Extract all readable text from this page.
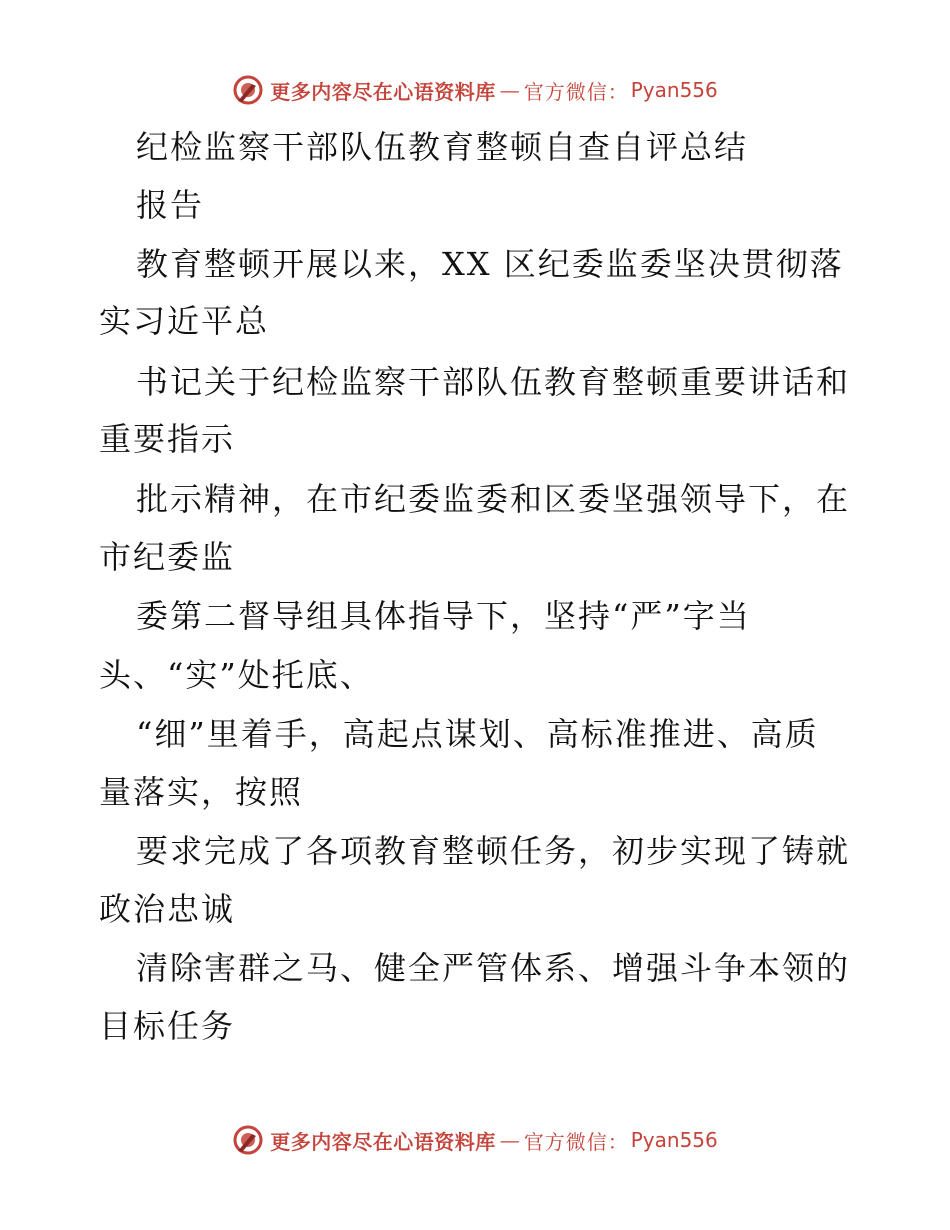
更多内容尽在心语资料库 — 官方微信： Pyan556
纪检监察干部队伍教育整顿自查自评总结
报告
教育整顿开展以来，XX 区纪委监委坚决贯彻落
实习近平总
书记关于纪检监察干部队伍教育整顿重要讲话和
重要指示
批示精神，在市纪委监委和区委坚强领导下，在
市纪委监
委第二督导组具体指导下，坚持“严”字当
头、“实”处托底、
“细”里着手，高起点谋划、高标准推进、高质
量落实，按照
要求完成了各项教育整顿任务，初步实现了铸就
政治忠诚
清除害群之马、健全严管体系、增强斗争本领的
目标任务
更多内容尽在心语资料库 — 官方微信： Pyan556
